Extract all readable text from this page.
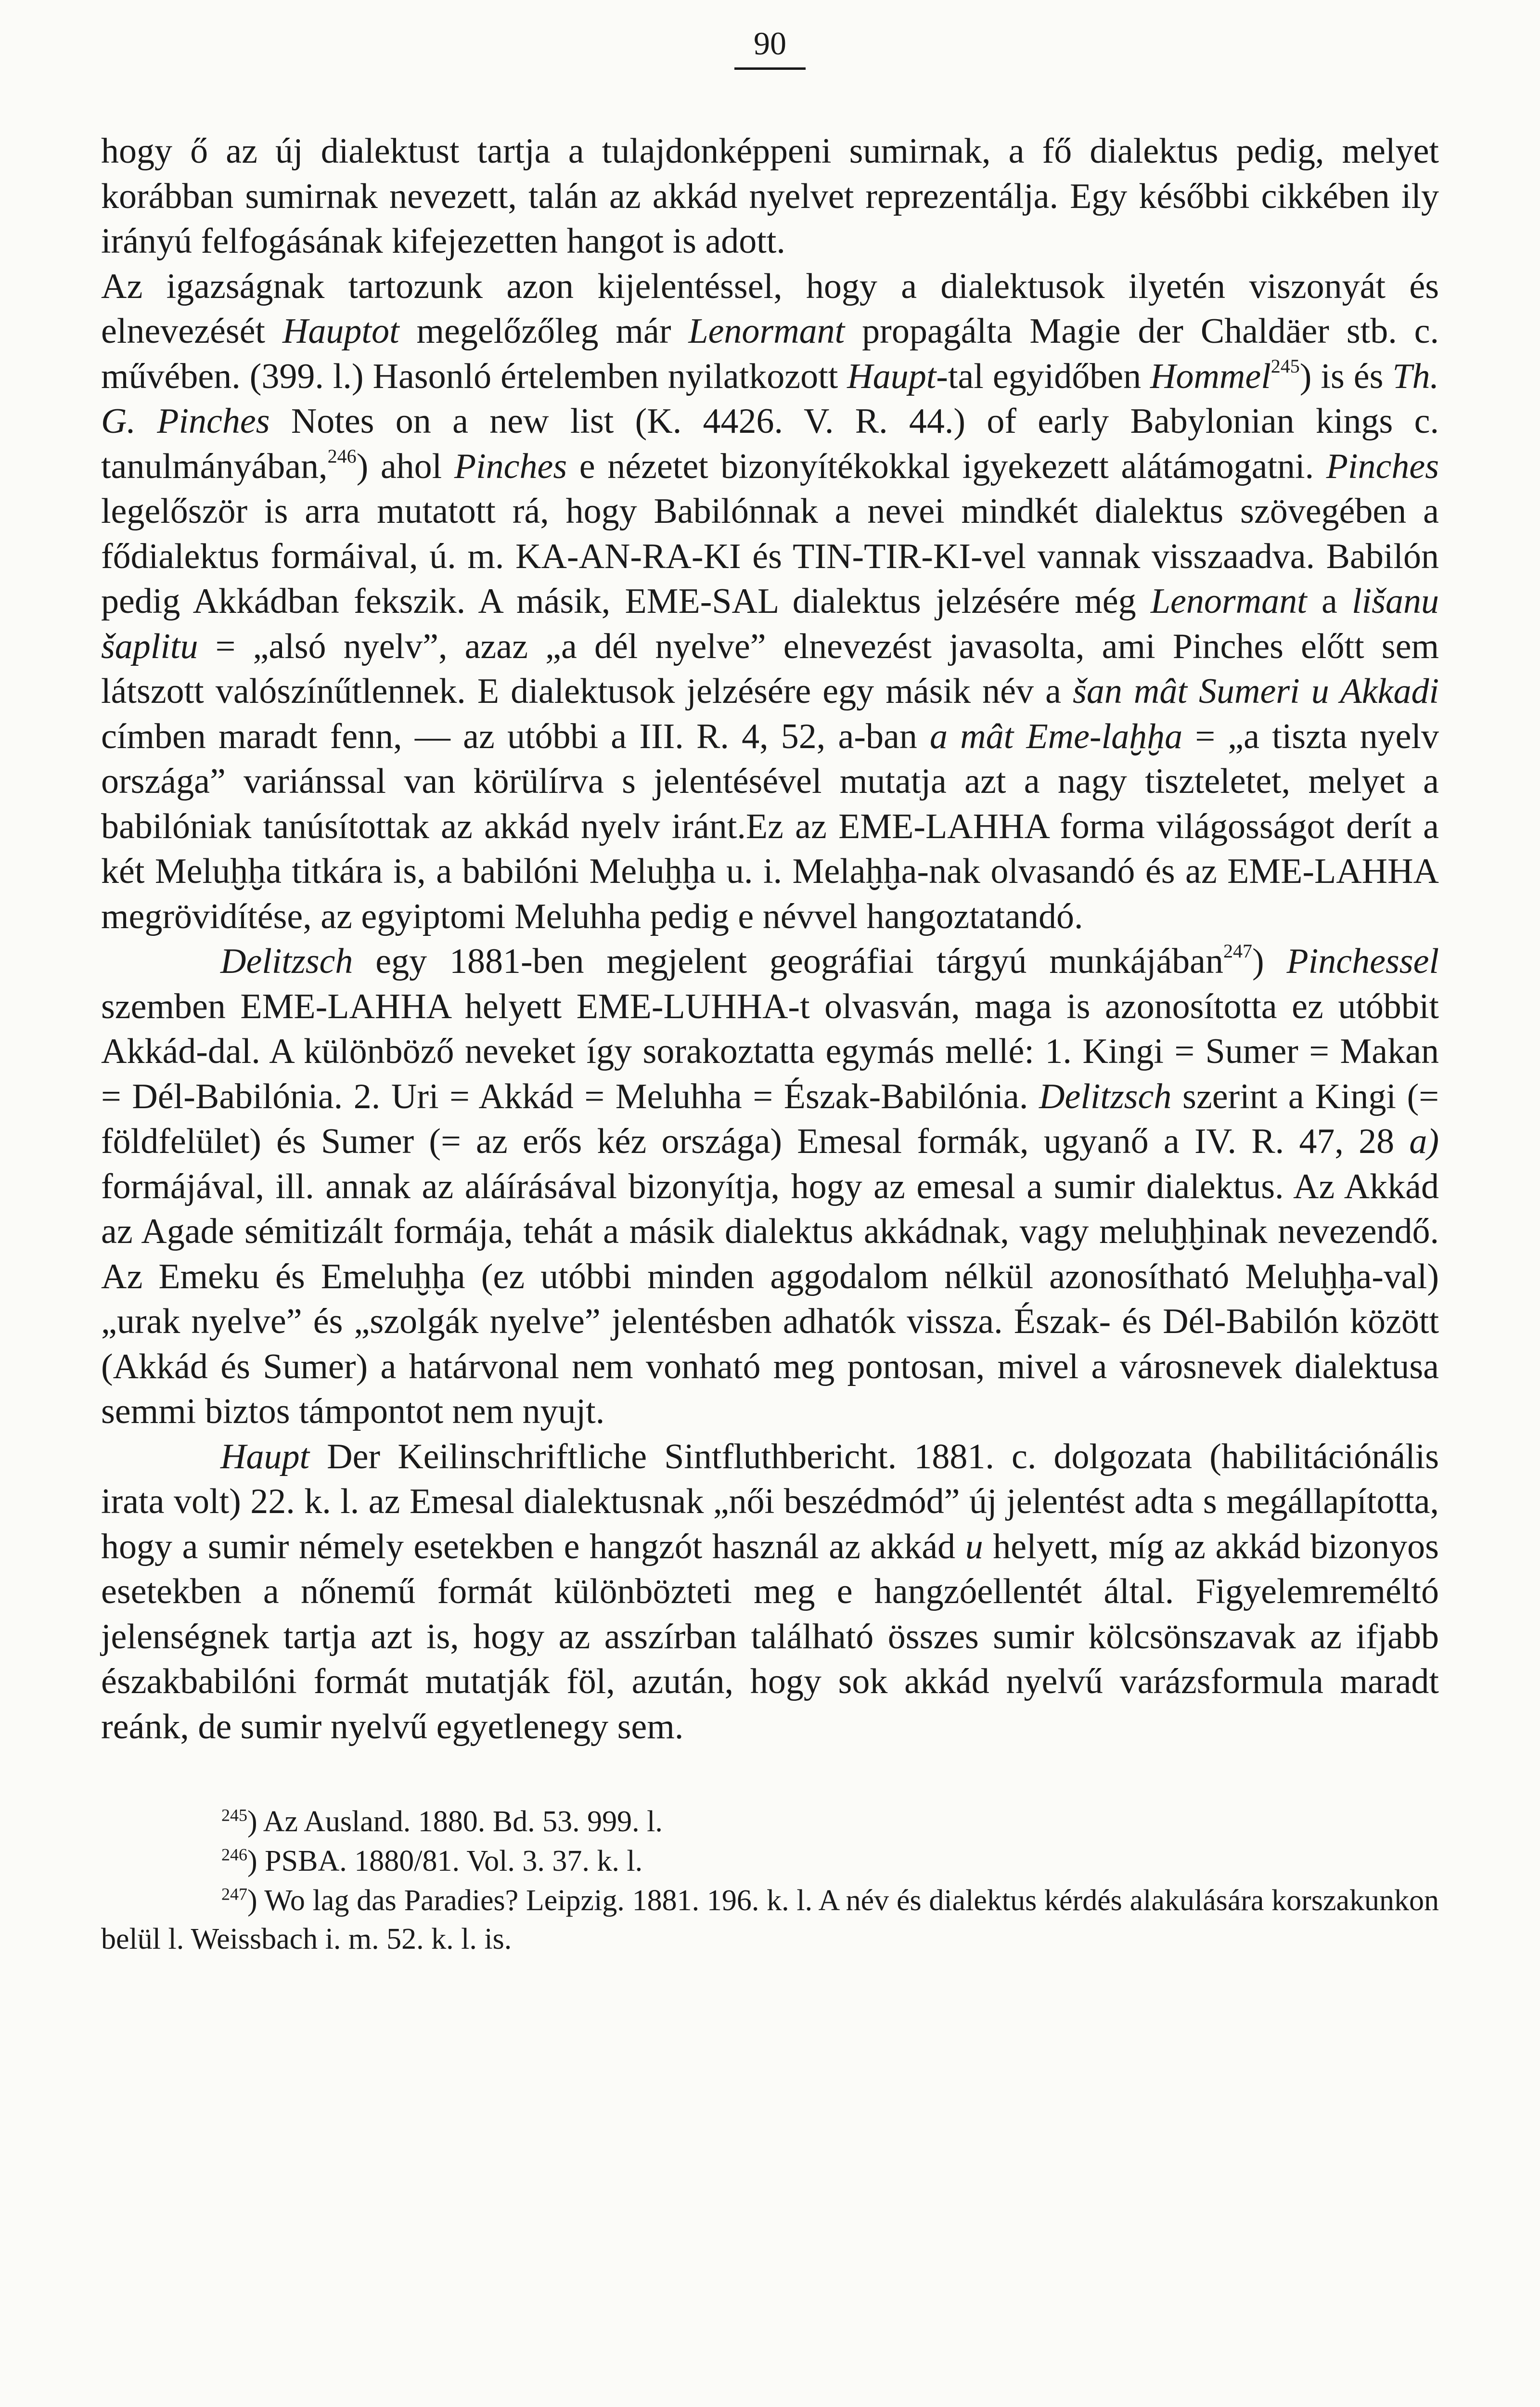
90

hogy ő az új dialektust tartja a tulajdonképpeni sumirnak, a fő dialektus pedig, melyet korábban sumirnak nevezett, talán az akkád nyelvet reprezentálja. Egy későbbi cikkében ily irányú felfogásának kifejezetten hangot is adott.

Az igazságnak tartozunk azon kijelentéssel, hogy a dialektusok ilyetén viszonyát és elnevezését Hauptot megelőzőleg már Lenormant propagálta Magie der Chaldäer stb. c. művében. (399. l.) Hasonló értelemben nyilatkozott Haupt-tal egyidőben Hommel$^{245}$) is és Th. G. Pinches Notes on a new list (K. 4426. V. R. 44.) of early Babylonian kings c. tanulmányában,$^{246}$) ahol Pinches e nézetet bizonyítékokkal igyekezett alátámogatni. Pinches legelőször is arra mutatott rá, hogy Babilónnak a nevei mindkét dialektus szövegében a fődialektus formáival, ú. m. KA-AN-RA-KI és TIN-TIR-KI-vel vannak visszaadva. Babilón pedig Akkádban fekszik. A másik, EME-SAL dialektus jelzésére még Lenormant a lišanu šaplitu = „alsó nyelv”, azaz „a dél nyelve” elnevezést javasolta, ami Pinches előtt sem látszott valószínűtlennek. E dialektusok jelzésére egy másik név a šan mât Sumeri u Akkadi címben maradt fenn, — az utóbbi a III. R. 4, 52, a-ban a mât Eme-laḫḫa = „a tiszta nyelv országa” variánssal van körülírva s jelentésével mutatja azt a nagy tiszteletet, melyet a babilóniak tanúsítottak az akkád nyelv iránt.Ez az EME-LAHHA forma világosságot derít a két Meluḫḫa titkára is, a babilóni Meluḫḫa u. i. Melaḫḫa-nak olvasandó és az EME-LAHHA megrövidítése, az egyiptomi Meluhha pedig e névvel hangoztatandó.

Delitzsch egy 1881-ben megjelent geográfiai tárgyú munkájában$^{247}$) Pinchessel szemben EME-LAHHA helyett EME-LUHHA-t olvasván, maga is azonosította ez utóbbit Akkád-dal. A különböző neveket így sorakoztatta egymás mellé: 1. Kingi = Sumer = Makan = Dél-Babilónia. 2. Uri = Akkád = Meluhha = Észak-Babilónia. Delitzsch szerint a Kingi (= földfelület) és Sumer (= az erős kéz országa) Emesal formák, ugyanő a IV. R. 47, 28 a) formájával, ill. annak az aláírásával bizonyítja, hogy az emesal a sumir dialektus. Az Akkád az Agade sémitizált formája, tehát a másik dialektus akkádnak, vagy meluḫḫinak nevezendő. Az Emeku és Emeluḫḫa (ez utóbbi minden aggodalom nélkül azonosítható Meluḫḫa-val) „urak nyelve” és „szolgák nyelve” jelentésben adhatók vissza. Észak- és Dél-Babilón között (Akkád és Sumer) a határvonal nem vonható meg pontosan, mivel a városnevek dialektusa semmi biztos támpontot nem nyujt.

Haupt Der Keilinschriftliche Sintfluthbericht. 1881. c. dolgozata (habilitációnális irata volt) 22. k. l. az Emesal dialektusnak „női beszédmód” új jelentést adta s megállapította, hogy a sumir némely esetekben e hangzót használ az akkád u helyett, míg az akkád bizonyos esetekben a nőnemű formát különbözteti meg e hangzóellentét által. Figyelemreméltó jelenségnek tartja azt is, hogy az asszírban található összes sumir kölcsönszavak az ifjabb északbabilóni formát mutatják föl, azután, hogy sok akkád nyelvű varázsformula maradt reánk, de sumir nyelvű egyetlenegy sem.

$^{245}$) Az Ausland. 1880. Bd. 53. 999. l.

$^{246}$) PSBA. 1880/81. Vol. 3. 37. k. l.

$^{247}$) Wo lag das Paradies? Leipzig. 1881. 196. k. l. A név és dialektus kérdés alakulására korszakunkon belül l. Weissbach i. m. 52. k. l. is.
